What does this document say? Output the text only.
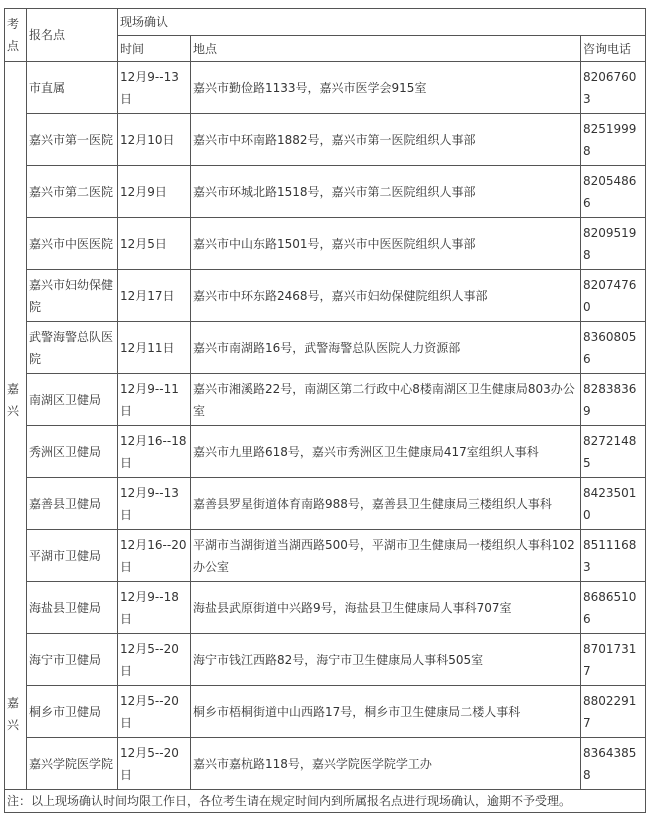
考点	报名点	现场确认		
		时间	地点	咨询电话

嘉兴
嘉兴	市直属	12月9--13日	嘉兴市勤俭路1133号，嘉兴市医学会915室	82067603
	嘉兴市第一医院	12月10日	嘉兴市中环南路1882号，嘉兴市第一医院组织人事部	82519998
	嘉兴市第二医院	12月9日	嘉兴市环城北路1518号，嘉兴市第二医院组织人事部	82054866
	嘉兴市中医医院	12月5日	嘉兴市中山东路1501号，嘉兴市中医医院组织人事部	82095198
	嘉兴市妇幼保健院	12月17日	嘉兴市中环东路2468号，嘉兴市妇幼保健院组织人事部	82074760
	武警海警总队医院	12月11日	嘉兴市南湖路16号，武警海警总队医院人力资源部	83608056
	南湖区卫健局	12月9--11日	嘉兴市湘溪路22号，南湖区第二行政中心8楼南湖区卫生健康局803办公室	82838369
	秀洲区卫健局	12月16--18日	嘉兴市九里路618号，嘉兴市秀洲区卫生健康局417室组织人事科	82721485
	嘉善县卫健局	12月9--13日	嘉善县罗星街道体育南路988号，嘉善县卫生健康局三楼组织人事科	84235010
	平湖市卫健局	12月16--20日	平湖市当湖街道当湖西路500号，平湖市卫生健康局一楼组织人事科102办公室	85111683
	海盐县卫健局	12月9--18日	海盐县武原街道中兴路9号，海盐县卫生健康局人事科707室	86865106
	海宁市卫健局	12月5--20日	海宁市钱江西路82号，海宁市卫生健康局人事科505室	87017317
	桐乡市卫健局	12月5--20日	桐乡市梧桐街道中山西路17号，桐乡市卫生健康局二楼人事科	88022917
	嘉兴学院医学院	12月5--20日	嘉兴市嘉杭路118号，嘉兴学院医学院学工办	83643858
注：以上现场确认时间均限工作日，各位考生请在规定时间内到所属报名点进行现场确认，逾期不予受理。				
